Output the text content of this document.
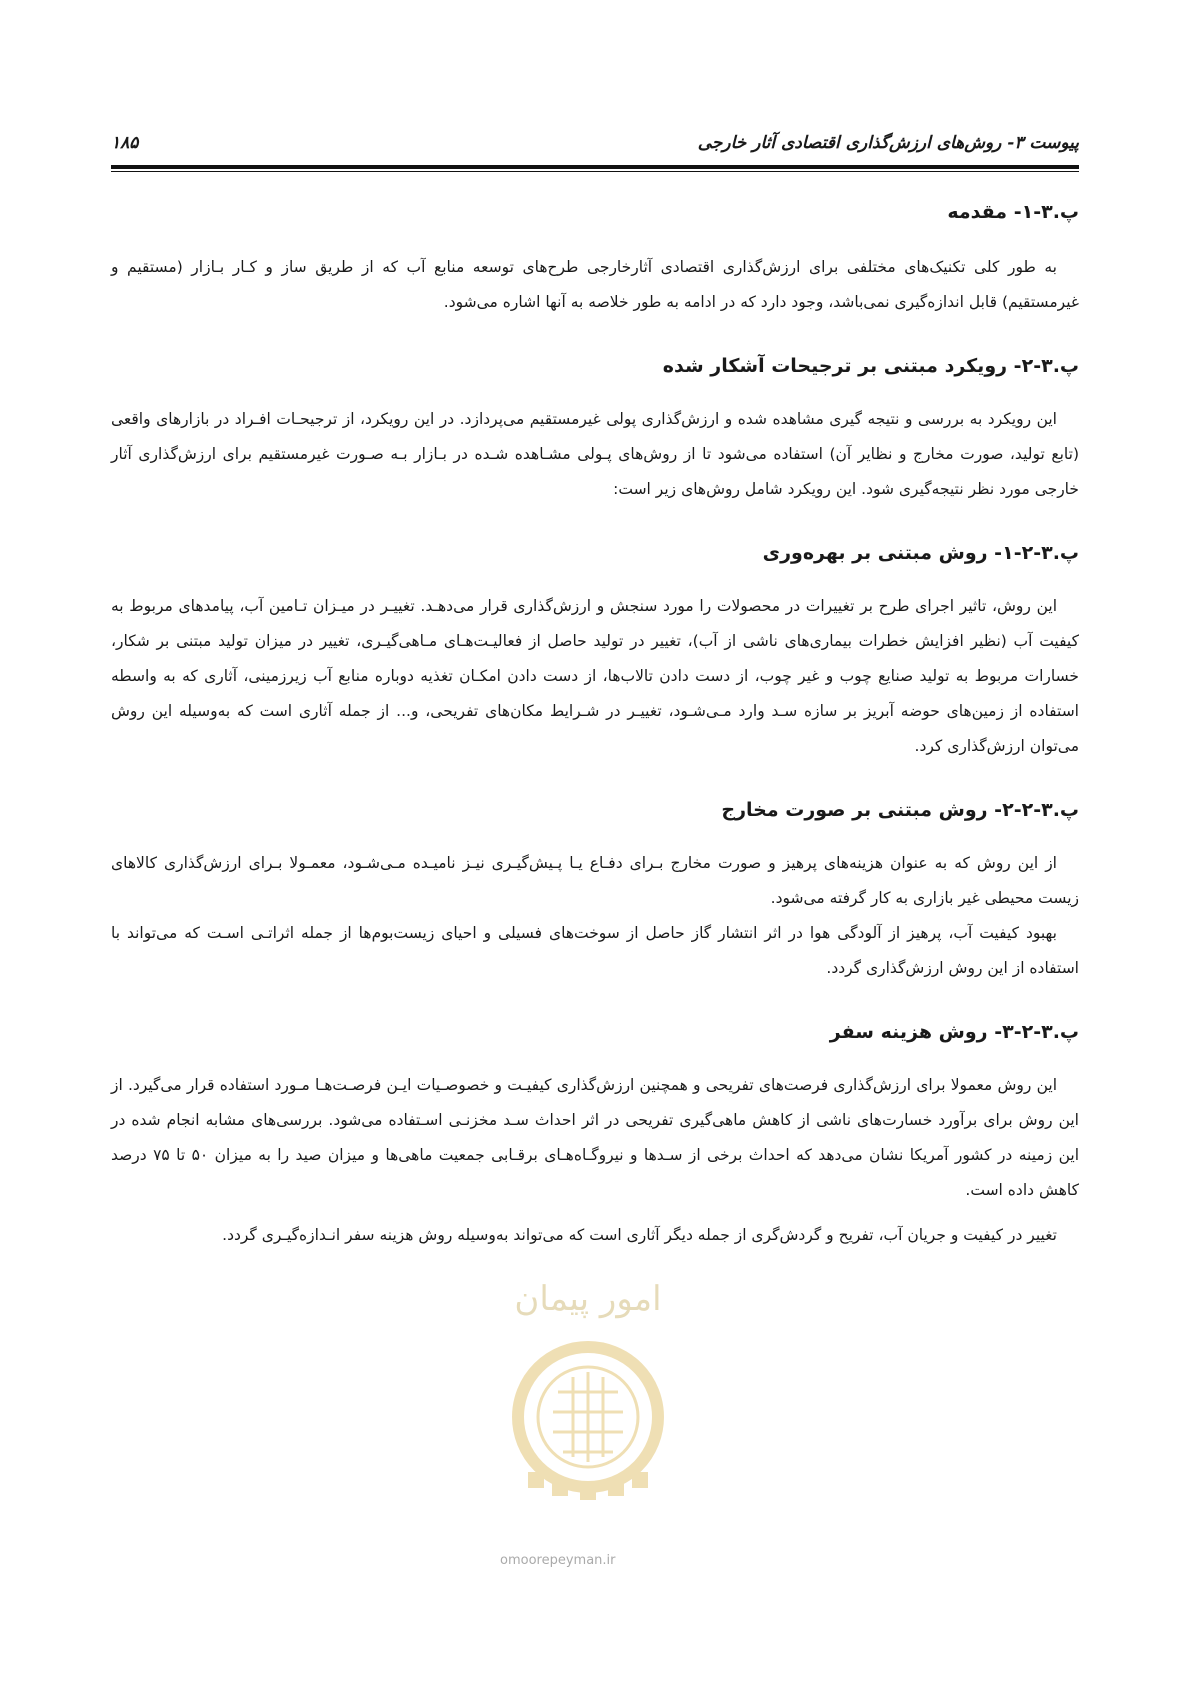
پیوست ۳- روش‌های ارزش‌گذاری اقتصادی آثار خارجی
۱۸۵
پ.۳-۱- مقدمه

به طور کلی تکنیک‌های مختلفی برای ارزش‌گذاری اقتصادی آثارخارجی طرح‌های توسعه منابع آب که از طریق ساز و کـار بـازار (مستقیم و غیرمستقیم) قابل اندازه‌گیری نمی‌باشد، وجود دارد که در ادامه به طور خلاصه به آنها اشاره می‌شود.

پ.۳-۲- رویکرد مبتنی بر ترجیحات آشکار شده

این رویکرد به بررسی و نتیجه گیری مشاهده شده و ارزش‌گذاری پولی غیرمستقیم می‌پردازد. در این رویکرد، از ترجیحـات افـراد در بازارهای واقعی (تابع تولید، صورت مخارج و نظایر آن) استفاده می‌شود تا از روش‌های پـولی مشـاهده شـده در بـازار بـه صـورت غیرمستقیم برای ارزش‌گذاری آثار خارجی مورد نظر نتیجه‌گیری شود. این رویکرد شامل روش‌های زیر است:

پ.۳-۲-۱- روش مبتنی بر بهره‌وری

این روش، تاثیر اجرای طرح بر تغییرات در محصولات را مورد سنجش و ارزش‌گذاری قرار می‌دهـد. تغییـر در میـزان تـامین آب، پیامدهای مربوط به کیفیت آب (نظیر افزایش خطرات بیماری‌های ناشی از آب)، تغییر در تولید حاصل از فعالیـت‌هـای مـاهی‌گیـری، تغییر در میزان تولید مبتنی بر شکار، خسارات مربوط به تولید صنایع چوب و غیر چوب، از دست دادن تالاب‌ها، از دست دادن امکـان تغذیه دوباره منابع آب زیرزمینی، آثاری که به واسطه استفاده از زمین‌های حوضه آبریز بر سازه سـد وارد مـی‌شـود، تغییـر در شـرایط مکان‌های تفریحی، و... از جمله آثاری است که به‌وسیله این روش می‌توان ارزش‌گذاری کرد.

پ.۳-۲-۲- روش مبتنی بر صورت مخارج

از این روش که به عنوان هزینه‌های پرهیز و صورت مخارج بـرای دفـاع یـا پـیش‌گیـری نیـز نامیـده مـی‌شـود، معمـولا بـرای ارزش‌گذاری کالاهای زیست محیطی غیر بازاری به کار گرفته می‌شود.

بهبود کیفیت آب، پرهیز از آلودگی هوا در اثر انتشار گاز حاصل از سوخت‌های فسیلی و احیای زیست‌بوم‌ها از جمله اثراتـی اسـت که می‌تواند با استفاده از این روش ارزش‌گذاری گردد.

پ.۳-۲-۳- روش هزینه سفر

این روش معمولا برای ارزش‌گذاری فرصت‌های تفریحی و همچنین ارزش‌گذاری کیفیـت و خصوصـیات ایـن فرصـت‌هـا مـورد استفاده قرار می‌گیرد. از این روش برای برآورد خسارت‌های ناشی از کاهش ماهی‌گیری تفریحی در اثر احداث سـد مخزنـی اسـتفاده می‌شود. بررسی‌های مشابه انجام شده در این زمینه در کشور آمریکا نشان می‌دهد که احداث برخی از سـدها و نیروگـاه‌هـای برقـابی جمعیت ماهی‌ها و میزان صید را به میزان ۵۰ تا ۷۵ درصد کاهش داده است.

تغییر در کیفیت و جریان آب، تفریح و گردش‌گری از جمله دیگر آثاری است که می‌تواند به‌وسیله روش هزینه سفر انـدازه‌گیـری گردد.

امور پیمان
omoorepeyman.ir
